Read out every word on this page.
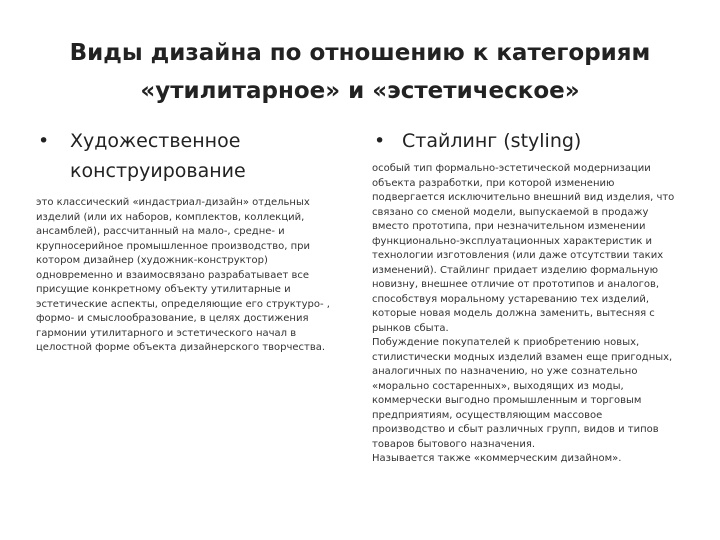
Виды дизайна по отношению к категориям
«утилитарное» и «эстетическое»
• Художественное
конструирование

это классический «индастриал-дизайн» отдельных изделий (или их наборов, комплектов, коллекций, ансамблей), рассчитанный на мало-, средне- и крупносерийное промышленное производство, при котором дизайнер (художник-конструктор) одновременно и взаимосвязано разрабатывает все присущие конкретному объекту утилитарные и эстетические аспекты, определяющие его структуро- , формо- и смыслообразование, в целях достижения гармонии утилитарного и эстетического начал в целостной форме объекта дизайнерского творчества.

• Стайлинг (styling)

особый тип формально-эстетической модернизации объекта разработки, при которой изменению подвергается исключительно внешний вид изделия, что связано со сменой модели, выпускаемой в продажу вместо прототипа, при незначительном изменении функционально-эксплуатационных характеристик и технологии изготовления (или даже отсутствии таких изменений). Стайлинг придает изделию формальную новизну, внешнее отличие от прототипов и аналогов, способствуя моральному устареванию тех изделий, которые новая модель должна заменить, вытесняя с рынков сбыта.

Побуждение покупателей к приобретению новых, стилистически модных изделий взамен еще пригодных, аналогичных по назначению, но уже сознательно «морально состаренных», выходящих из моды, коммерчески выгодно промышленным и торговым предприятиям, осуществляющим массовое производство и сбыт различных групп, видов и типов товаров бытового назначения.

Называется также «коммерческим дизайном».
